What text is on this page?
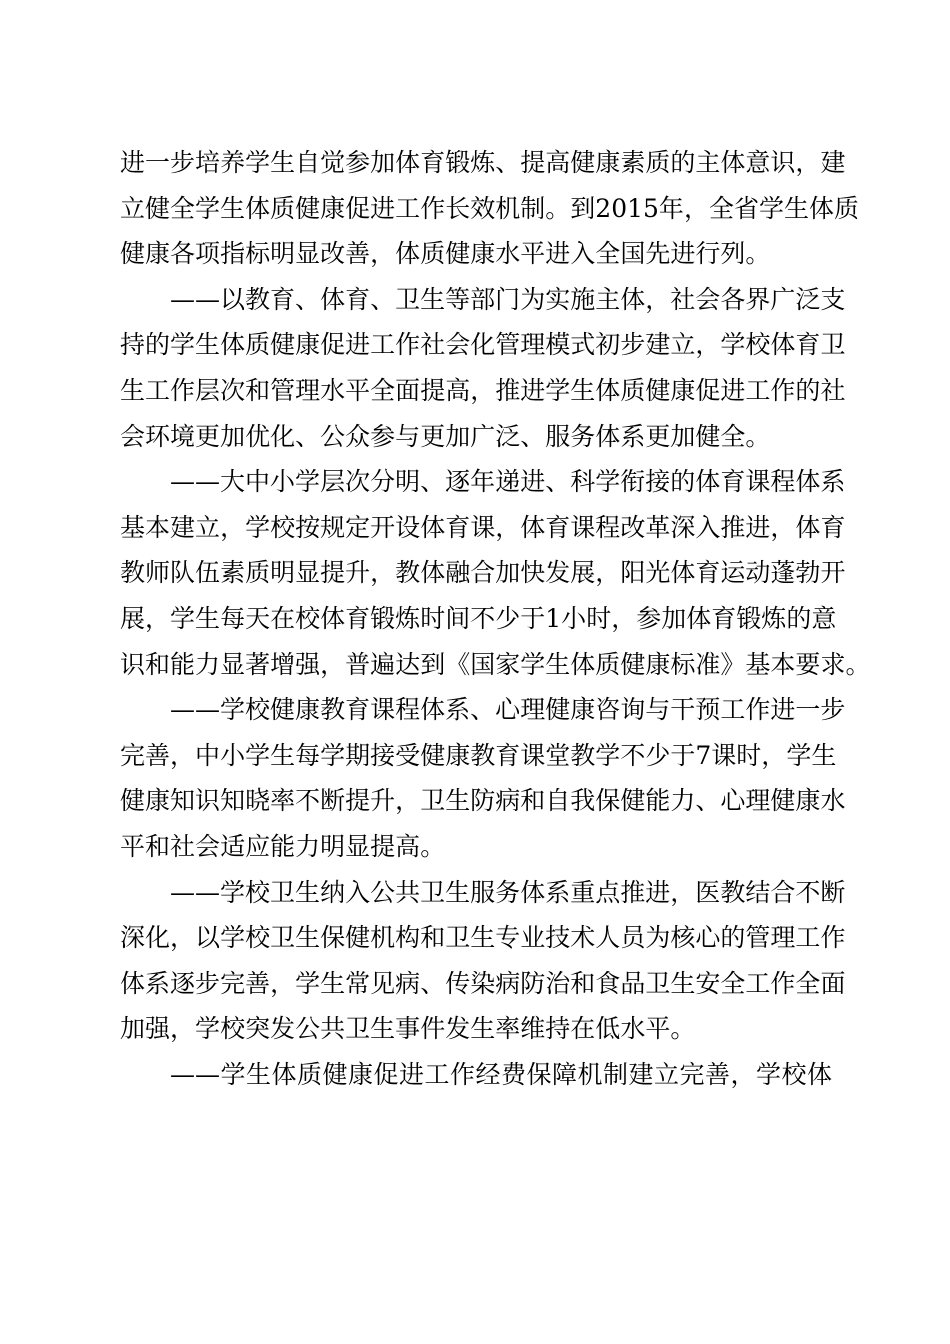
进 一 步 培 养 学 生 自 觉 参 加 体 育 锻 炼 、 提 高 健 康 素 质 的 主 体 意 识 ， 建
立 健 全 学 生 体 质 健 康 促 进 工 作 长 效 机 制 。 到 2015 年 ， 全 省 学 生 体 质
健 康 各 项 指 标 明 显 改 善 ， 体 质 健 康 水 平 进 入 全 国 先 进 行 列 。
—— 以 教 育 、 体 育 、 卫 生 等 部 门 为 实 施 主 体 ， 社 会 各 界 广 泛 支
持 的 学 生 体 质 健 康 促 进 工 作 社 会 化 管 理 模 式 初 步 建 立 ， 学 校 体 育 卫
生 工 作 层 次 和 管 理 水 平 全 面 提 高 ， 推 进 学 生 体 质 健 康 促 进 工 作 的 社
会 环 境 更 加 优 化 、 公 众 参 与 更 加 广 泛 、 服 务 体 系 更 加 健 全 。
—— 大 中 小 学 层 次 分 明 、 逐 年 递 进 、 科 学 衔 接 的 体 育 课 程 体 系
基 本 建 立 ， 学 校 按 规 定 开 设 体 育 课 ， 体 育 课 程 改 革 深 入 推 进 ， 体 育
教 师 队 伍 素 质 明 显 提 升 ， 教 体 融 合 加 快 发 展 ， 阳 光 体 育 运 动 蓬 勃 开
展 ， 学 生 每 天 在 校 体 育 锻 炼 时 间 不 少 于 1 小 时 ， 参 加 体 育 锻 炼 的 意
识 和 能 力 显 著 增 强 ， 普 遍 达 到 《 国 家 学 生 体 质 健 康 标 准 》 基 本 要 求 。
—— 学 校 健 康 教 育 课 程 体 系 、 心 理 健 康 咨 询 与 干 预 工 作 进 一 步
完 善 ， 中 小 学 生 每 学 期 接 受 健 康 教 育 课 堂 教 学 不 少 于 7 课 时 ， 学 生
健 康 知 识 知 晓 率 不 断 提 升 ， 卫 生 防 病 和 自 我 保 健 能 力 、 心 理 健 康 水
平 和 社 会 适 应 能 力 明 显 提 高 。
—— 学 校 卫 生 纳 入 公 共 卫 生 服 务 体 系 重 点 推 进 ， 医 教 结 合 不 断
深 化 ， 以 学 校 卫 生 保 健 机 构 和 卫 生 专 业 技 术 人 员 为 核 心 的 管 理 工 作
体 系 逐 步 完 善 ， 学 生 常 见 病 、 传 染 病 防 治 和 食 品 卫 生 安 全 工 作 全 面
加 强 ， 学 校 突 发 公 共 卫 生 事 件 发 生 率 维 持 在 低 水 平 。
—— 学 生 体 质 健 康 促 进 工 作 经 费 保 障 机 制 建 立 完 善 ， 学 校 体
